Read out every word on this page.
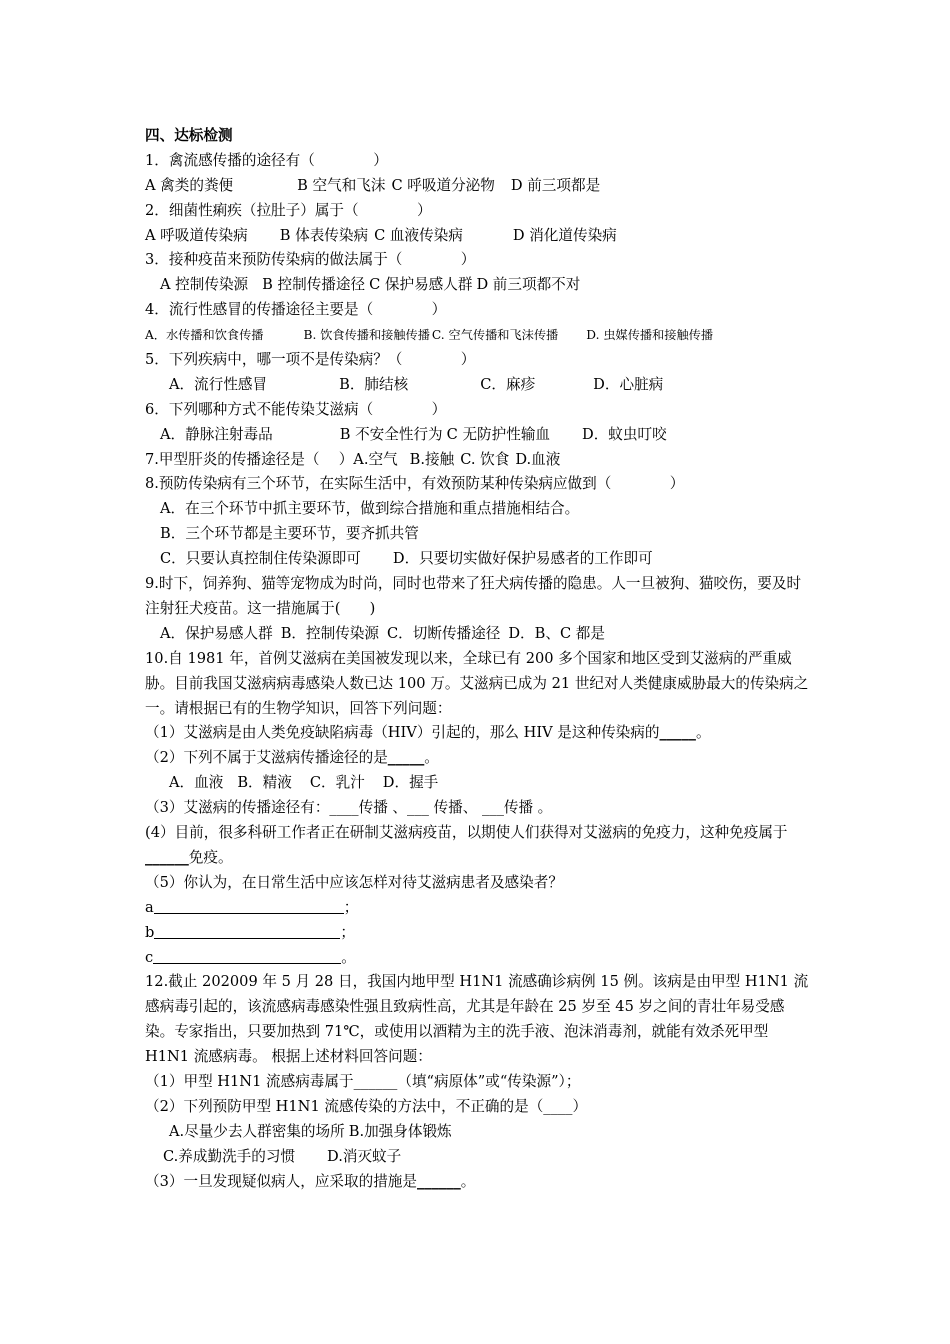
四、达标检测
1．禽流感传播的途径有（　　　　）
A 禽类的粪便	B 空气和飞沫 C 呼吸道分泌物 D 前三项都是
2．细菌性痢疾（拉肚子）属于（　　　　）
A 呼吸道传染病 B 体表传染病 C 血液传染病	D 消化道传染病
3．接种疫苗来预防传染病的做法属于（　　　　）
A 控制传染源 B 控制传播途径 C 保护易感人群 D 前三项都不对
4．流行性感冒的传播途径主要是（　　　　）
A．水传播和饮食传播	B. 饮食传播和接触传播 C. 空气传播和飞沫传播 D. 虫媒传播和接触传播
5．下列疾病中，哪一项不是传染病？（　　　　）
A．流行性感冒	B．肺结核	C．麻疹	D．心脏病
6．下列哪种方式不能传染艾滋病（　　　　）
A．静脉注射毒品	B 不安全性行为 C 无防护性输血 D．蚊虫叮咬
7.甲型肝炎的传播途径是（　 ）A.空气 B.接触 C. 饮食 D.血液
8.预防传染病有三个环节，在实际生活中，有效预防某种传染病应做到（　　　　）
A．在三个环节中抓主要环节，做到综合措施和重点措施相结合。
B．三个环节都是主要环节，要齐抓共管
C．只要认真控制住传染源即可 D．只要切实做好保护易感者的工作即可
9.时下，饲养狗、猫等宠物成为时尚，同时也带来了狂犬病传播的隐患。人一旦被狗、猫咬伤，要及时注射狂犬疫苗。这一措施属于(　　)
A．保护易感人群 B．控制传染源 C．切断传播途径 D．B、C 都是
10.自 1981 年，首例艾滋病在美国被发现以来，全球已有 200 多个国家和地区受到艾滋病的严重威胁。目前我国艾滋病病毒感染人数已达 100 万。艾滋病已成为 21 世纪对人类健康威胁最大的传染病之一。请根据已有的生物学知识，回答下列问题：
（1）艾滋病是由人类免疫缺陷病毒（HIV）引起的，那么 HIV 是这种传染病的_____。
（2）下列不属于艾滋病传播途径的是_____。
A．血液 B．精液 C．乳汁 D．握手
（3）艾滋病的传播途径有：____传播 、___ 传播、 ___传播 。
(4）目前，很多科研工作者正在研制艾滋病疫苗，以期使人们获得对艾滋病的免疫力，这种免疫属于______免疫。
（5）你认为，在日常生活中应该怎样对待艾滋病患者及感染者？
a	；
b	；
c	。
12.截止 202009 年 5 月 28 日，我国内地甲型 H1N1 流感确诊病例 15 例。该病是由甲型 H1N1 流感病毒引起的，该流感病毒感染性强且致病性高，尤其是年龄在 25 岁至 45 岁之间的青壮年易受感染。专家指出，只要加热到 71℃，或使用以酒精为主的洗手液、泡沫消毒剂，就能有效杀死甲型 H1N1 流感病毒。 根据上述材料回答问题：
（1）甲型 H1N1 流感病毒属于______（填“病原体”或“传染源”）；
（2）下列预防甲型 H1N1 流感传染的方法中，不正确的是（____）
A.尽量少去人群密集的场所 B.加强身体锻炼
C.养成勤洗手的习惯 D.消灭蚊子
（3）一旦发现疑似病人，应采取的措施是______。
